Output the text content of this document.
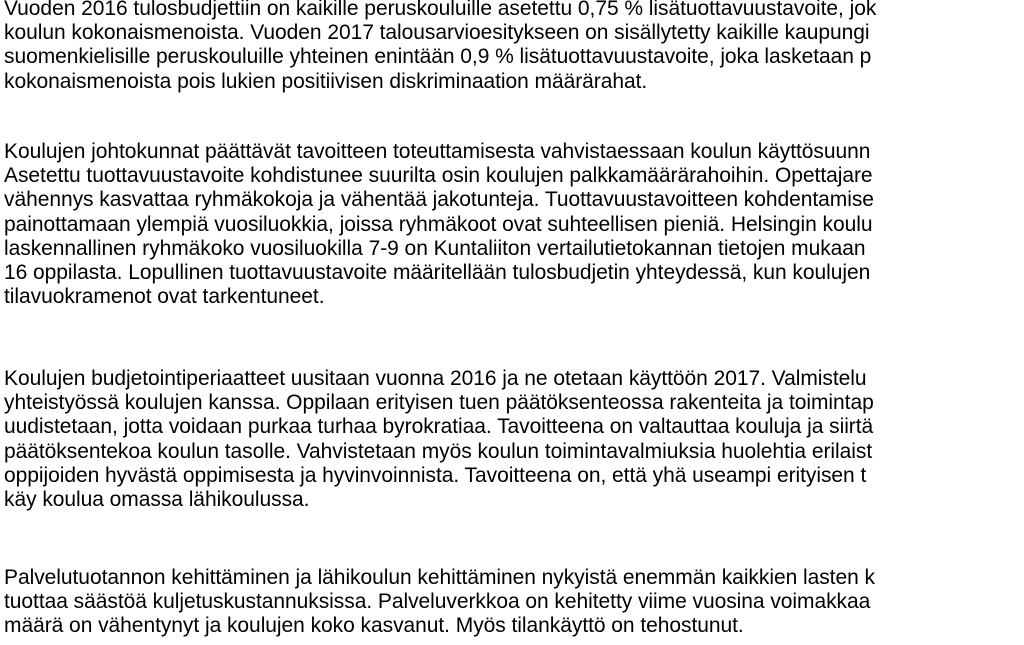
Vuoden 2016 tulosbudjettiin on kaikille peruskouluille asetettu 0,75 % lisätuottavuustavoite, jok
koulun kokonaismenoista. Vuoden 2017 talousarvioesitykseen on sisällytetty kaikille kaupungi
suomenkielisille peruskouluille yhteinen enintään 0,9 % lisätuottavuustavoite, joka lasketaan p
kokonaismenoista pois lukien positiivisen diskriminaation määrärahat.
Koulujen johtokunnat päättävät tavoitteen toteuttamisesta vahvistaessaan koulun käyttösuunn
Asetettu tuottavuustavoite kohdistunee suurilta osin koulujen palkkamäärärahoihin. Opettajare
vähennys kasvattaa ryhmäkokoja ja vähentää jakotunteja. Tuottavuustavoitteen kohdentamise
painottamaan ylempiä vuosiluokkia, joissa ryhmäkoot ovat suhteellisen pieniä. Helsingin koulu
laskennallinen ryhmäkoko vuosiluokilla 7-9 on Kuntaliiton vertailutietokannan tietojen mukaan
16 oppilasta. Lopullinen tuottavuustavoite määritellään tulosbudjetin yhteydessä, kun koulujen
tilavuokramenot ovat tarkentuneet.
Koulujen budjetointiperiaatteet uusitaan vuonna 2016 ja ne otetaan käyttöön 2017. Valmistelu
yhteistyössä koulujen kanssa. Oppilaan erityisen tuen päätöksenteossa rakenteita ja toimintap
uudistetaan, jotta voidaan purkaa turhaa byrokratiaa. Tavoitteena on valtauttaa kouluja ja siirtä
päätöksentekoa koulun tasolle. Vahvistetaan myös koulun toimintavalmiuksia huolehtia erilaist
oppijoiden hyvästä oppimisesta ja hyvinvoinnista. Tavoitteena on, että yhä useampi erityisen t
käy koulua omassa lähikoulussa.
Palvelutuotannon kehittäminen ja lähikoulun kehittäminen nykyistä enemmän kaikkien lasten k
tuottaa säästöä kuljetuskustannuksissa. Palveluverkkoa on kehitetty viime vuosina voimakkaa
määrä on vähentynyt ja koulujen koko kasvanut. Myös tilankäyttö on tehostunut.
